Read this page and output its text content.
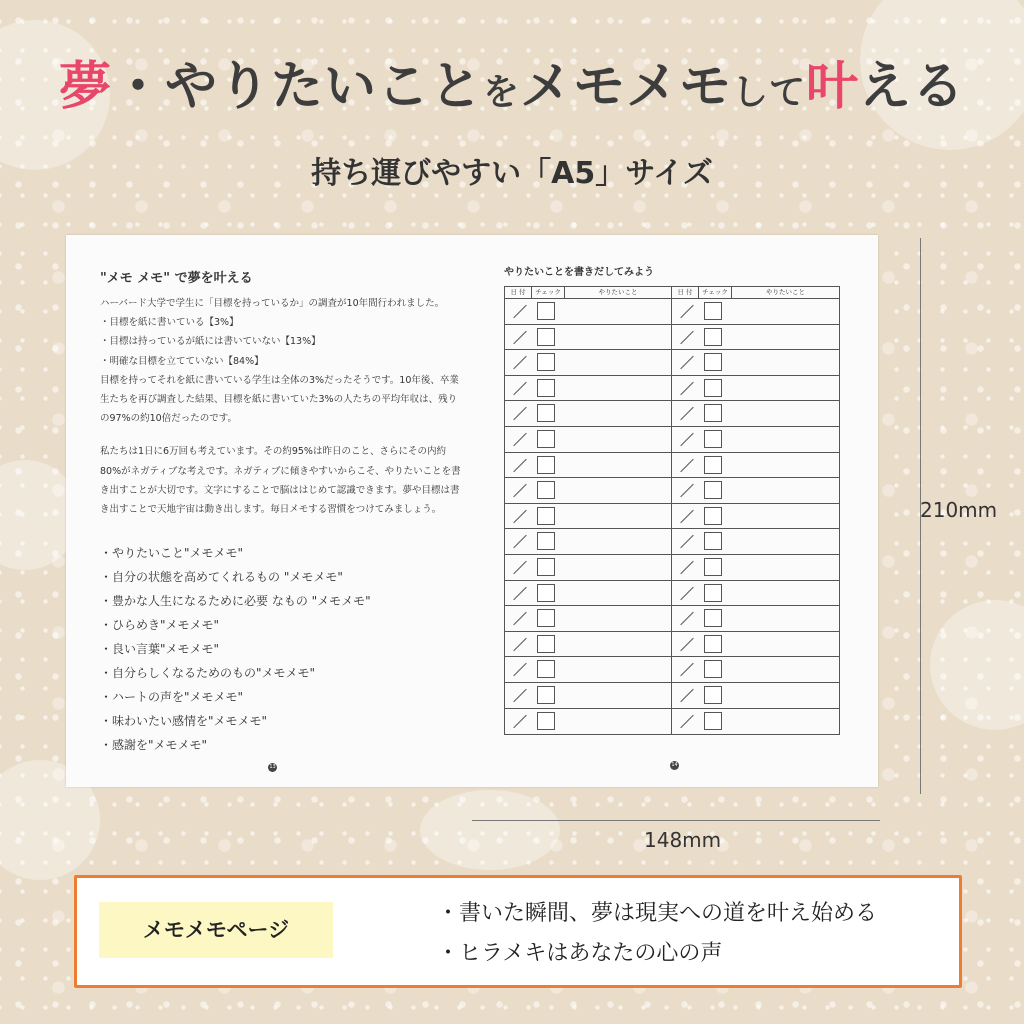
夢・やりたいことをメモメモして叶える
持ち運びやすい「A5」サイズ
"メモ メモ" で夢を叶える
ハーバード大学で学生に「目標を持っているか」の調査が10年間行われました。
・目標を紙に書いている【3%】
・目標は持っているが紙には書いていない【13%】
・明確な目標を立てていない【84%】
目標を持ってそれを紙に書いている学生は全体の3%だったそうです。10年後、卒業
生たちを再び調査した結果、目標を紙に書いていた3%の人たちの平均年収は、残り
の97%の約10倍だったのです。
私たちは1日に6万回も考えています。その約95%は昨日のこと、さらにその内約
80%がネガティブな考えです。ネガティブに傾きやすいからこそ、やりたいことを書
き出すことが大切です。文字にすることで脳ははじめて認識できます。夢や目標は書
き出すことで天地宇宙は動き出します。毎日メモする習慣をつけてみましょう。
・やりたいこと"メモメモ"
・自分の状態を高めてくれるもの "メモメモ"
・豊かな人生になるために必要 なもの "メモメモ"
・ひらめき"メモメモ"
・良い言葉"メモメモ"
・自分らしくなるためのもの"メモメモ"
・ハートの声を"メモメモ"
・味わいたい感情を"メモメモ"
・感謝を"メモメモ"
13
やりたいことを書きだしてみよう
日 付	チェック	やりたいこと	日 付	チェック	やりたいこと
14
210mm
148mm
メモメモページ
・書いた瞬間、夢は現実への道を叶え始める
・ヒラメキはあなたの心の声
